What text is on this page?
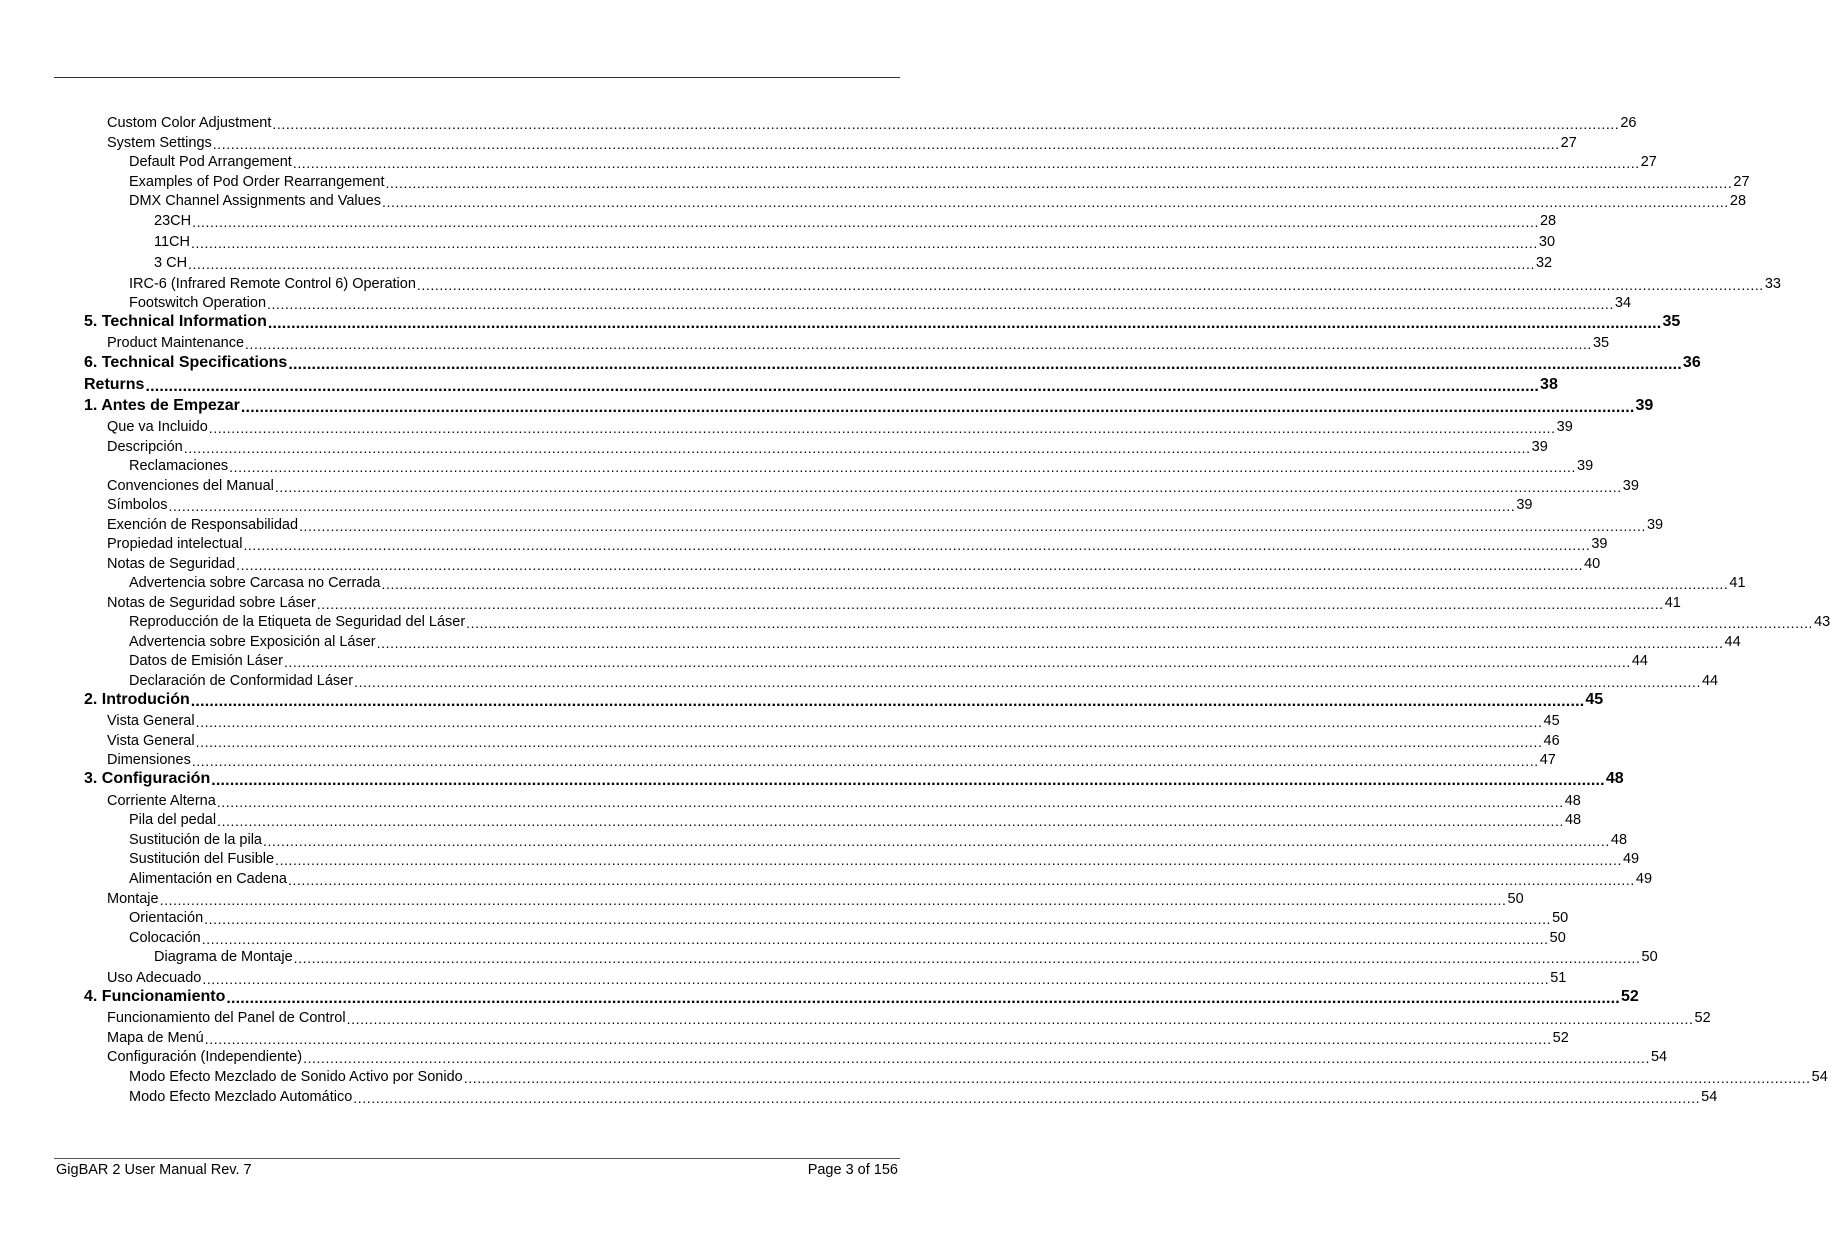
Custom Color Adjustment ............................................................................................................................................................................................................................................................................................................ 26
System Settings ............................................................................................................................................................................................................................................................................................................ 27
Default Pod Arrangement ............................................................................................................................................................................................................................................................................................................ 27
Examples of Pod Order Rearrangement ............................................................................................................................................................................................................................................................................................................ 27
DMX Channel Assignments and Values ............................................................................................................................................................................................................................................................................................................ 28
23CH ............................................................................................................................................................................................................................................................................................................ 28
11CH ............................................................................................................................................................................................................................................................................................................ 30
3 CH ............................................................................................................................................................................................................................................................................................................ 32
IRC-6 (Infrared Remote Control 6) Operation ............................................................................................................................................................................................................................................................................................................ 33
Footswitch Operation ............................................................................................................................................................................................................................................................................................................ 34
5. Technical Information ............................................................................................................................................................................................................................................................................................................ 35
Product Maintenance ............................................................................................................................................................................................................................................................................................................ 35
6. Technical Specifications ............................................................................................................................................................................................................................................................................................................ 36
Returns ............................................................................................................................................................................................................................................................................................................ 38
1. Antes de Empezar ............................................................................................................................................................................................................................................................................................................ 39
Que va Incluido ............................................................................................................................................................................................................................................................................................................ 39
Descripción ............................................................................................................................................................................................................................................................................................................ 39
Reclamaciones ............................................................................................................................................................................................................................................................................................................ 39
Convenciones del Manual ............................................................................................................................................................................................................................................................................................................ 39
Símbolos ............................................................................................................................................................................................................................................................................................................ 39
Exención de Responsabilidad ............................................................................................................................................................................................................................................................................................................ 39
Propiedad intelectual ............................................................................................................................................................................................................................................................................................................ 39
Notas de Seguridad ............................................................................................................................................................................................................................................................................................................ 40
Advertencia sobre Carcasa no Cerrada ............................................................................................................................................................................................................................................................................................................ 41
Notas de Seguridad sobre Láser ............................................................................................................................................................................................................................................................................................................ 41
Reproducción de la Etiqueta de Seguridad del Láser ............................................................................................................................................................................................................................................................................................................ 43
Advertencia sobre Exposición al Láser ............................................................................................................................................................................................................................................................................................................ 44
Datos de Emisión Láser ............................................................................................................................................................................................................................................................................................................ 44
Declaración de Conformidad Láser ............................................................................................................................................................................................................................................................................................................ 44
2. Introdución ............................................................................................................................................................................................................................................................................................................ 45
Vista General ............................................................................................................................................................................................................................................................................................................ 45
Vista General ............................................................................................................................................................................................................................................................................................................ 46
Dimensiones ............................................................................................................................................................................................................................................................................................................ 47
3. Configuración ............................................................................................................................................................................................................................................................................................................ 48
Corriente Alterna ............................................................................................................................................................................................................................................................................................................ 48
Pila del pedal ............................................................................................................................................................................................................................................................................................................ 48
Sustitución de la pila ............................................................................................................................................................................................................................................................................................................ 48
Sustitución del Fusible ............................................................................................................................................................................................................................................................................................................ 49
Alimentación en Cadena ............................................................................................................................................................................................................................................................................................................ 49
Montaje ............................................................................................................................................................................................................................................................................................................ 50
Orientación ............................................................................................................................................................................................................................................................................................................ 50
Colocación ............................................................................................................................................................................................................................................................................................................ 50
Diagrama de Montaje ............................................................................................................................................................................................................................................................................................................ 50
Uso Adecuado ............................................................................................................................................................................................................................................................................................................ 51
4. Funcionamiento ............................................................................................................................................................................................................................................................................................................ 52
Funcionamiento del Panel de Control ............................................................................................................................................................................................................................................................................................................ 52
Mapa de Menú ............................................................................................................................................................................................................................................................................................................ 52
Configuración (Independiente) ............................................................................................................................................................................................................................................................................................................ 54
Modo Efecto Mezclado de Sonido Activo por Sonido ............................................................................................................................................................................................................................................................................................................ 54
Modo Efecto Mezclado Automático ............................................................................................................................................................................................................................................................................................................ 54
GigBAR 2 User Manual Rev. 7	Page 3 of 156
